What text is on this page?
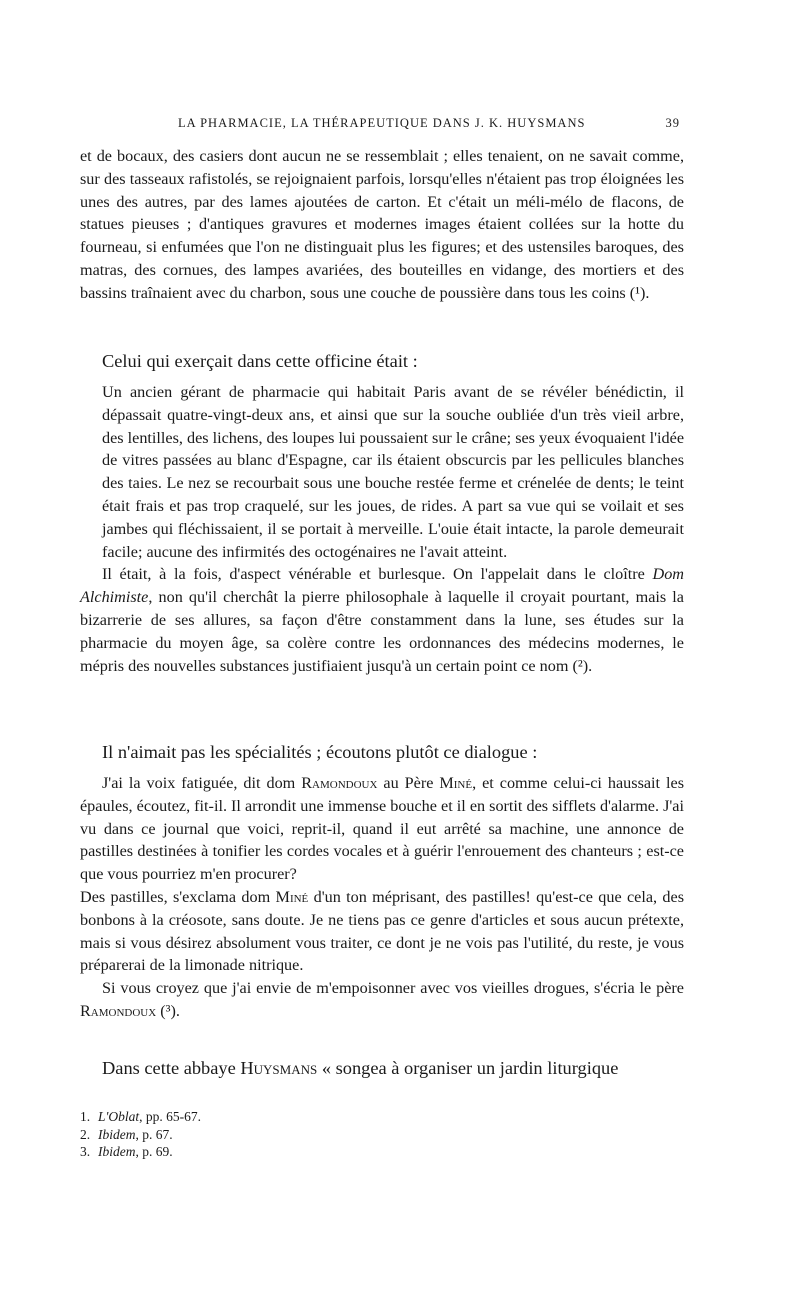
LA PHARMACIE, LA THÉRAPEUTIQUE DANS J. K. HUYSMANS	39

et de bocaux, des casiers dont aucun ne se ressemblait ; elles tenaient, on ne savait comme, sur des tasseaux rafistolés, se rejoignaient parfois, lorsqu'elles n'étaient pas trop éloignées les unes des autres, par des lames ajoutées de carton. Et c'était un méli-mélo de flacons, de statues pieuses ; d'antiques gravures et modernes images étaient collées sur la hotte du fourneau, si enfumées que l'on ne distinguait plus les figures; et des ustensiles baroques, des matras, des cornues, des lampes avariées, des bouteilles en vidange, des mortiers et des bassins traînaient avec du charbon, sous une couche de poussière dans tous les coins (¹).

Celui qui exerçait dans cette officine était :

Un ancien gérant de pharmacie qui habitait Paris avant de se révéler bénédictin, il dépassait quatre-vingt-deux ans, et ainsi que sur la souche oubliée d'un très vieil arbre, des lentilles, des lichens, des loupes lui poussaient sur le crâne; ses yeux évoquaient l'idée de vitres passées au blanc d'Espagne, car ils étaient obscurcis par les pellicules blanches des taies. Le nez se recourbait sous une bouche restée ferme et crénelée de dents; le teint était frais et pas trop craquelé, sur les joues, de rides. A part sa vue qui se voilait et ses jambes qui fléchissaient, il se portait à merveille. L'ouie était intacte, la parole demeurait facile; aucune des infirmités des octogénaires ne l'avait atteint.

Il était, à la fois, d'aspect vénérable et burlesque. On l'appelait dans le cloître Dom Alchimiste, non qu'il cherchât la pierre philosophale à laquelle il croyait pourtant, mais la bizarrerie de ses allures, sa façon d'être constamment dans la lune, ses études sur la pharmacie du moyen âge, sa colère contre les ordonnances des médecins modernes, le mépris des nouvelles substances justifiaient jusqu'à un certain point ce nom (²).

Il n'aimait pas les spécialités ; écoutons plutôt ce dialogue :

J'ai la voix fatiguée, dit dom Ramondoux au Père Miné, et comme celui-ci haussait les épaules, écoutez, fit-il. Il arrondit une immense bouche et il en sortit des sifflets d'alarme. J'ai vu dans ce journal que voici, reprit-il, quand il eut arrêté sa machine, une annonce de pastilles destinées à tonifier les cordes vocales et à guérir l'enrouement des chanteurs ; est-ce que vous pourriez m'en procurer?

Des pastilles, s'exclama dom Miné d'un ton méprisant, des pastilles! qu'est-ce que cela, des bonbons à la créosote, sans doute. Je ne tiens pas ce genre d'articles et sous aucun prétexte, mais si vous désirez absolument vous traiter, ce dont je ne vois pas l'utilité, du reste, je vous préparerai de la limonade nitrique.

Si vous croyez que j'ai envie de m'empoisonner avec vos vieilles drogues, s'écria le père Ramondoux (³).

Dans cette abbaye Huysmans « songea à organiser un jardin liturgique

1. L'Oblat, pp. 65-67.

2. Ibidem, p. 67.

3. Ibidem, p. 69.
